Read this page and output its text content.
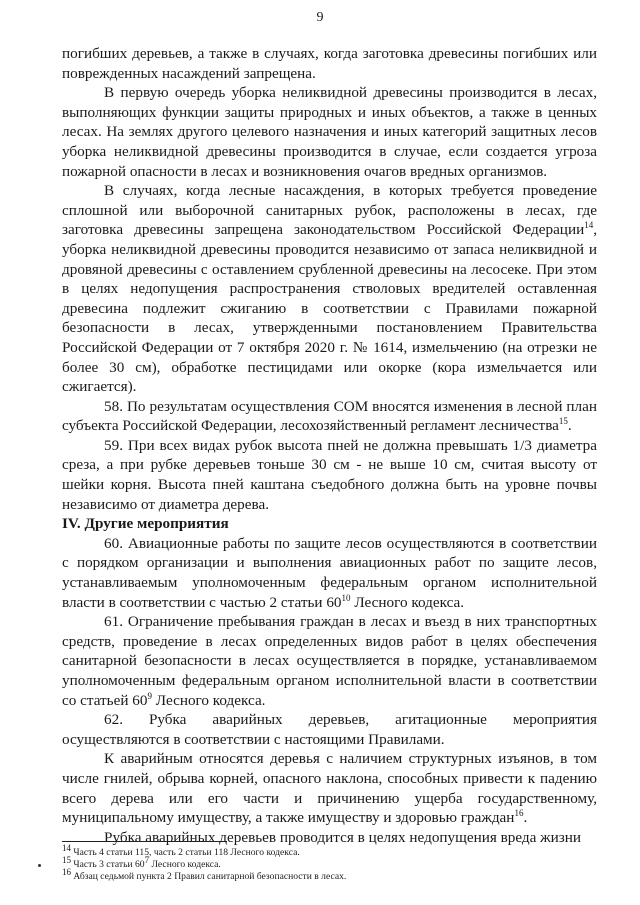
9

погибших деревьев, а также в случаях, когда заготовка древесины погибших или поврежденных насаждений запрещена.

В первую очередь уборка неликвидной древесины производится в лесах, выполняющих функции защиты природных и иных объектов, а также в ценных лесах. На землях другого целевого назначения и иных категорий защитных лесов уборка неликвидной древесины производится в случае, если создается угроза пожарной опасности в лесах и возникновения очагов вредных организмов.

В случаях, когда лесные насаждения, в которых требуется проведение сплошной или выборочной санитарных рубок, расположены в лесах, где заготовка древесины запрещена законодательством Российской Федерации$^{14}$, уборка неликвидной древесины проводится независимо от запаса неликвидной и дровяной древесины с оставлением срубленной древесины на лесосеке. При этом в целях недопущения распространения стволовых вредителей оставленная древесина подлежит сжиганию в соответствии с Правилами пожарной безопасности в лесах, утвержденными постановлением Правительства Российской Федерации от 7 октября 2020 г. № 1614, измельчению (на отрезки не более 30 см), обработке пестицидами или окорке (кора измельчается или сжигается).

58. По результатам осуществления СОМ вносятся изменения в лесной план субъекта Российской Федерации, лесохозяйственный регламент лесничества$^{15}$.

59. При всех видах рубок высота пней не должна превышать 1/3 диаметра среза, а при рубке деревьев тоньше 30 см - не выше 10 см, считая высоту от шейки корня. Высота пней каштана съедобного должна быть на уровне почвы независимо от диаметра дерева.

IV. Другие мероприятия

60. Авиационные работы по защите лесов осуществляются в соответствии с порядком организации и выполнения авиационных работ по защите лесов, устанавливаемым уполномоченным федеральным органом исполнительной власти в соответствии с частью 2 статьи $60^{10}$ Лесного кодекса.

61. Ограничение пребывания граждан в лесах и въезд в них транспортных средств, проведение в лесах определенных видов работ в целях обеспечения санитарной безопасности в лесах осуществляется в порядке, устанавливаемом уполномоченным федеральным органом исполнительной власти в соответствии со статьей $60^9$ Лесного кодекса.

62. Рубка аварийных деревьев, агитационные мероприятия осуществляются в соответствии с настоящими Правилами.

К аварийным относятся деревья с наличием структурных изъянов, в том числе гнилей, обрыва корней, опасного наклона, способных привести к падению всего дерева или его части и причинению ущерба государственному, муниципальному имуществу, а также имуществу и здоровью граждан$^{16}$.

Рубка аварийных деревьев проводится в целях недопущения вреда жизни

$^{14}$ Часть 4 статьи 115, часть 2 статьи 118 Лесного кодекса.

$^{15}$ Часть 3 статьи $60^7$ Лесного кодекса.

$^{16}$ Абзац седьмой пункта 2 Правил санитарной безопасности в лесах.
